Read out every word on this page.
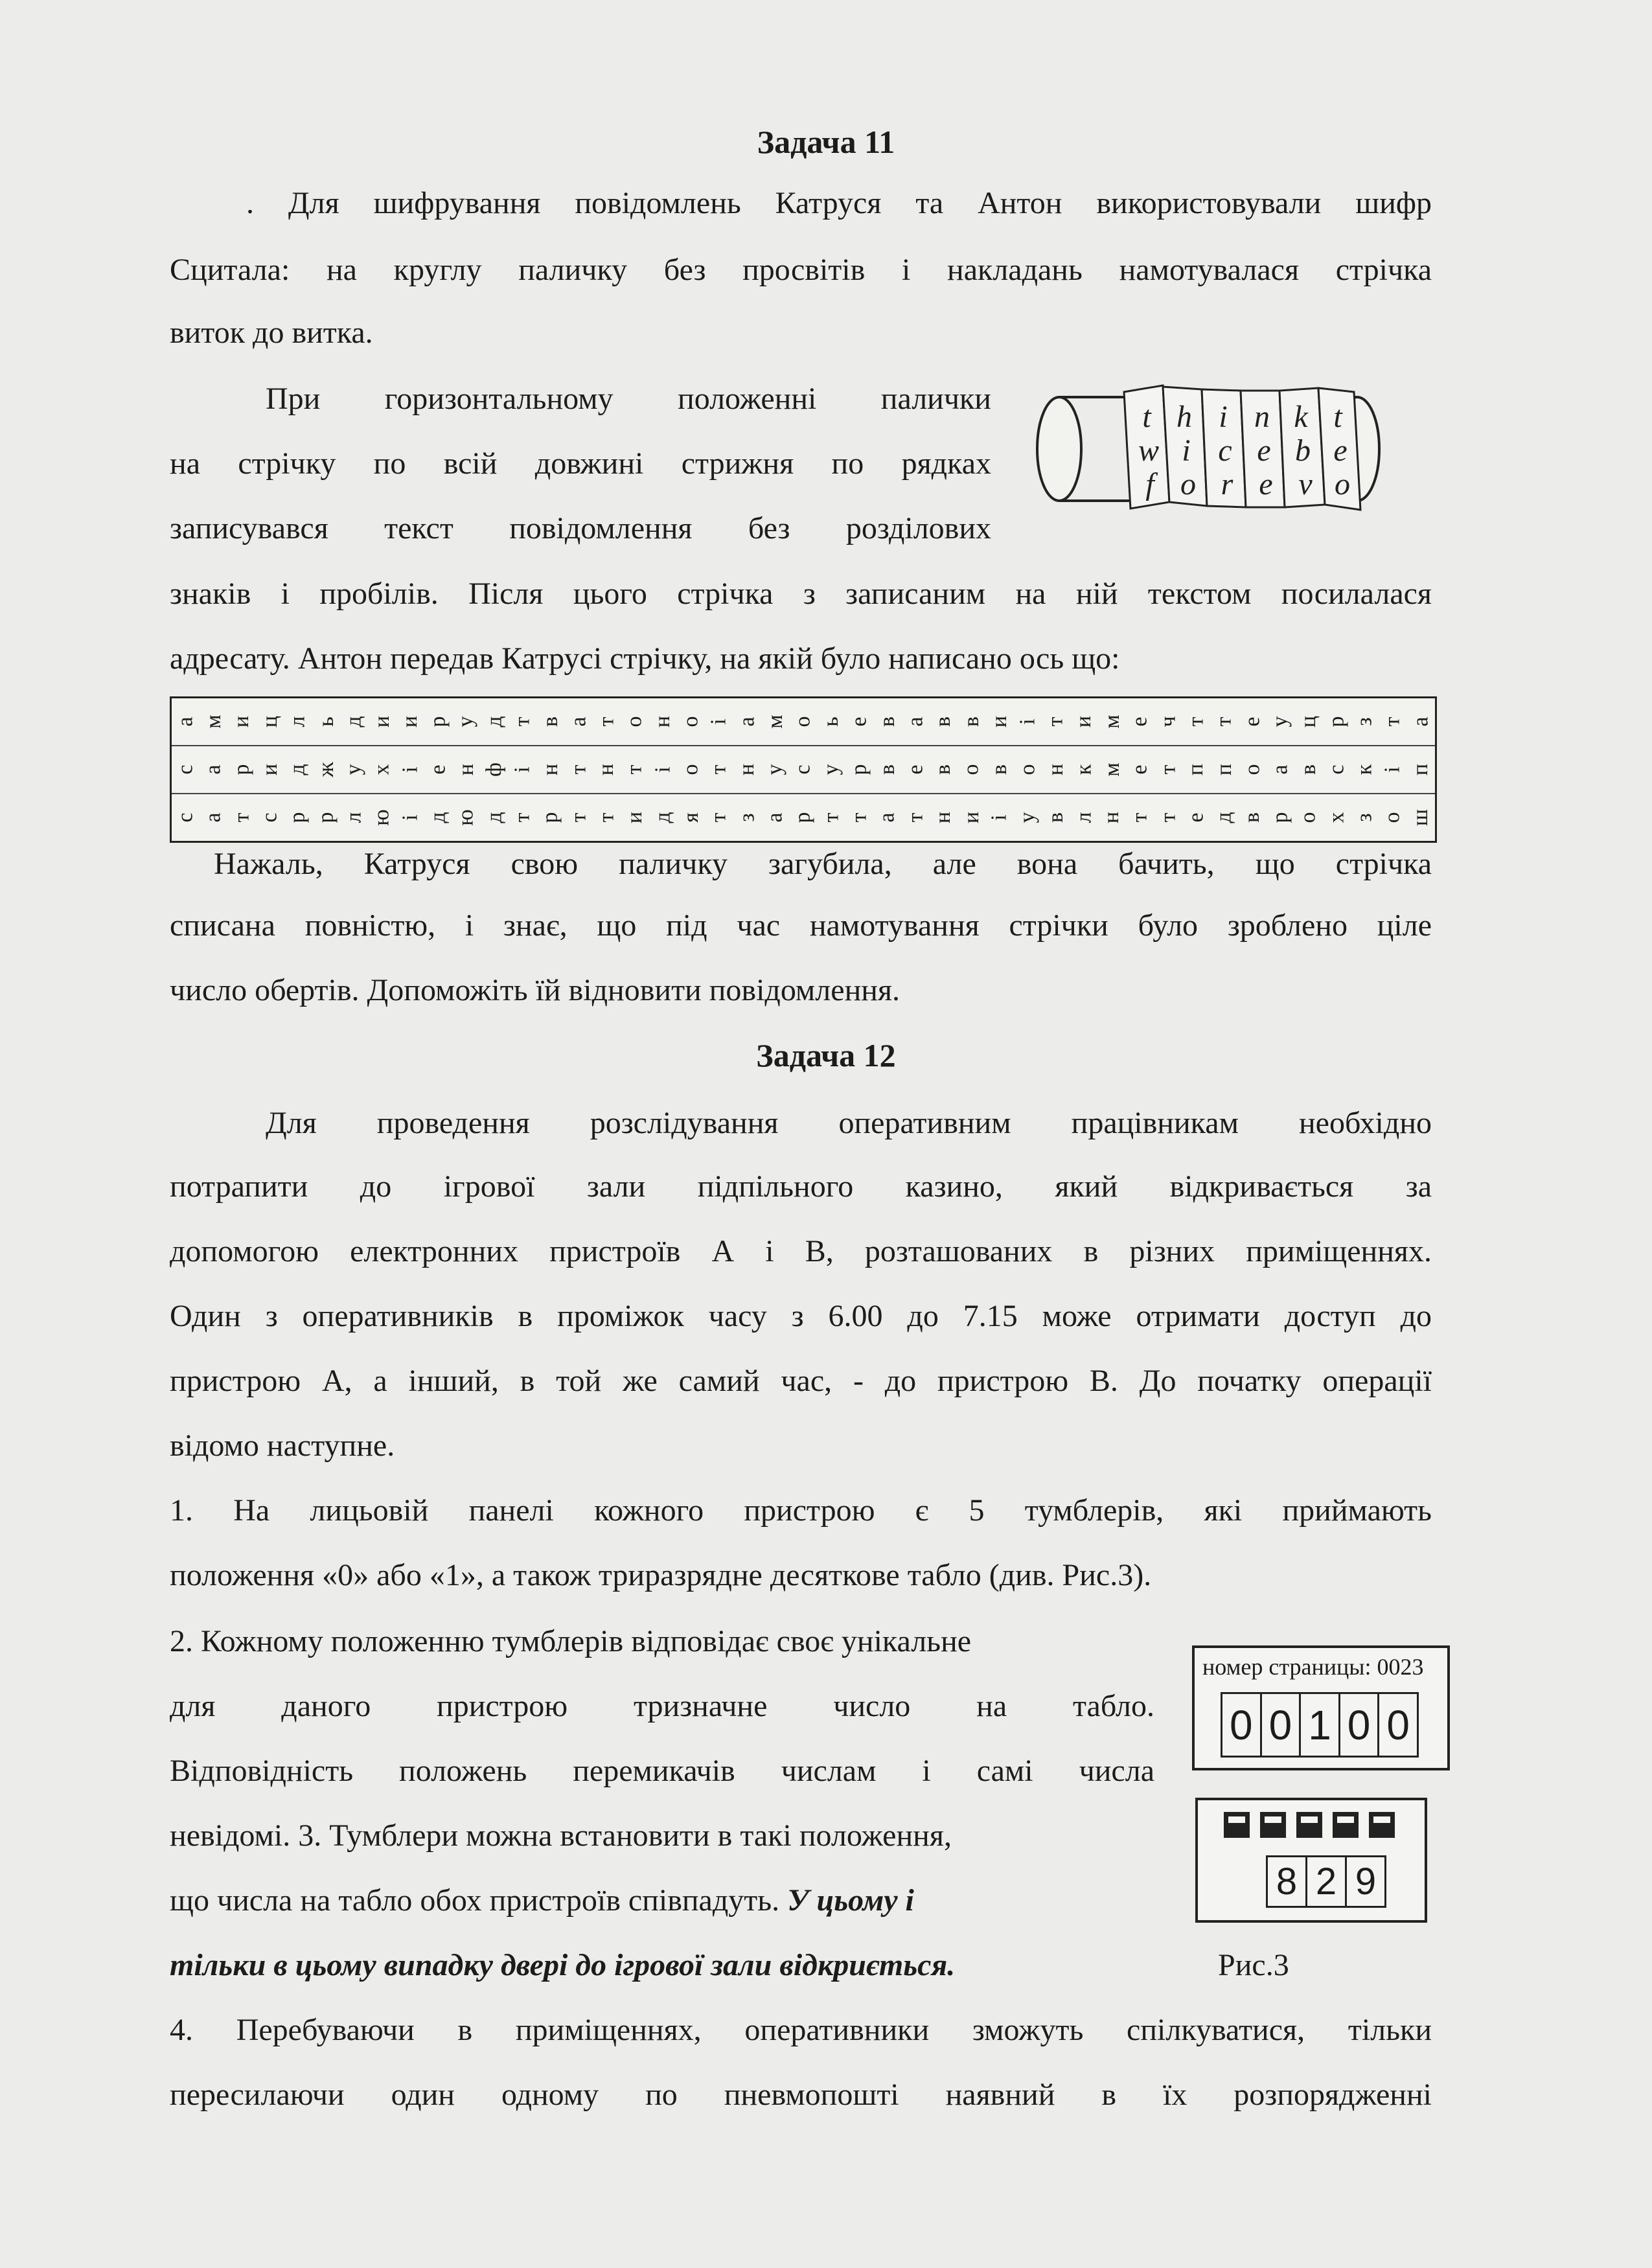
Задача 11
. Для шифрування повідомлень Катруся та Антон використовували шифр
Сцитала: на круглу паличку без просвітів і накладань намотувалася стрічка
виток до витка.
При горизонтальному положенні палички
на стрічку по всій довжині стрижня по рядках
записувався текст повідомлення без розділових
знаків і пробілів. Після цього стрічка з записаним на ній текстом посилалася
адресату. Антон передав Катрусі стрічку, на якій було написано ось що:
t h i n k t
w i c e b e
f o r e v o
а м и ц л ь д и и р у д т в а т о н о і а м о ь е в а в в и і т и м е ч т т е у ц р з т а
с а р и д ж у х і е н ф і н т н т і о т н у с у р в е в о в о н к м е т п п о а в с к і п
с а т с р р л ю і д ю д т р т т и д я т з а р т т а т н и і у в л н т т е д в р о х з о ш
Нажаль, Катруся свою паличку загубила, але вона бачить, що стрічка
списана повністю, і знає, що під час намотування стрічки було зроблено ціле
число обертів. Допоможіть їй відновити повідомлення.
Задача 12
Для проведення розслідування оперативним працівникам необхідно
потрапити до ігрової зали підпільного казино, який відкривається за
допомогою електронних пристроїв А і В, розташованих в різних приміщеннях.
Один з оперативників в проміжок часу з 6.00 до 7.15 може отримати доступ до
пристрою А, а інший, в той же самий час, - до пристрою В. До початку операції
відомо наступне.
1. На лицьовій панелі кожного пристрою є 5 тумблерів, які приймають
положення «0» або «1», а також триразрядне десяткове табло (див. Рис.3).
2. Кожному положенню тумблерів відповідає своє унікальне
для даного пристрою тризначне число на табло.
Відповідність положень перемикачів числам і самі числа
невідомі. 3. Тумблери можна встановити в такі положення,
що числа на табло обох пристроїв співпадуть. У цьому і
тільки в цьому випадку двері до ігрової зали відкриється.
номер страницы: 0023
0 0 1 0 0
8 2 9
Рис.3
4. Перебуваючи в приміщеннях, оперативники зможуть спілкуватися, тільки
пересилаючи один одному по пневмопошті наявний в їх розпорядженні
